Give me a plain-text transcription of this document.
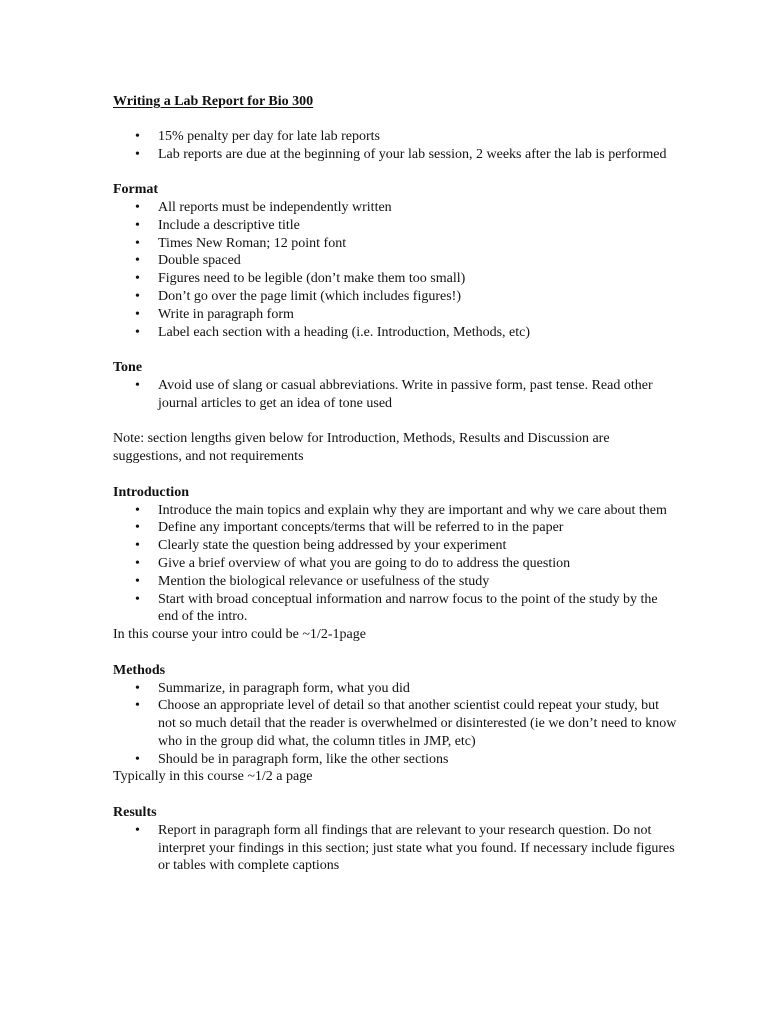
Writing a Lab Report for Bio 300
• 15% penalty per day for late lab reports
• Lab reports are due at the beginning of your lab session, 2 weeks after the lab is performed
Format
• All reports must be independently written
• Include a descriptive title
• Times New Roman; 12 point font
• Double spaced
• Figures need to be legible (don’t make them too small)
• Don’t go over the page limit (which includes figures!)
• Write in paragraph form
• Label each section with a heading (i.e. Introduction, Methods, etc)
Tone
• Avoid use of slang or casual abbreviations. Write in passive form, past tense. Read other journal articles to get an idea of tone used

Note: section lengths given below for Introduction, Methods, Results and Discussion are suggestions, and not requirements

Introduction
• Introduce the main topics and explain why they are important and why we care about them
• Define any important concepts/terms that will be referred to in the paper
• Clearly state the question being addressed by your experiment
• Give a brief overview of what you are going to do to address the question
• Mention the biological relevance or usefulness of the study
• Start with broad conceptual information and narrow focus to the point of the study by the end of the intro.

In this course your intro could be ~1/2-1page

Methods
• Summarize, in paragraph form, what you did
• Choose an appropriate level of detail so that another scientist could repeat your study, but not so much detail that the reader is overwhelmed or disinterested (ie we don’t need to know who in the group did what, the column titles in JMP, etc)
• Should be in paragraph form, like the other sections

Typically in this course ~1/2 a page

Results
• Report in paragraph form all findings that are relevant to your research question. Do not interpret your findings in this section; just state what you found. If necessary include figures or tables with complete captions
